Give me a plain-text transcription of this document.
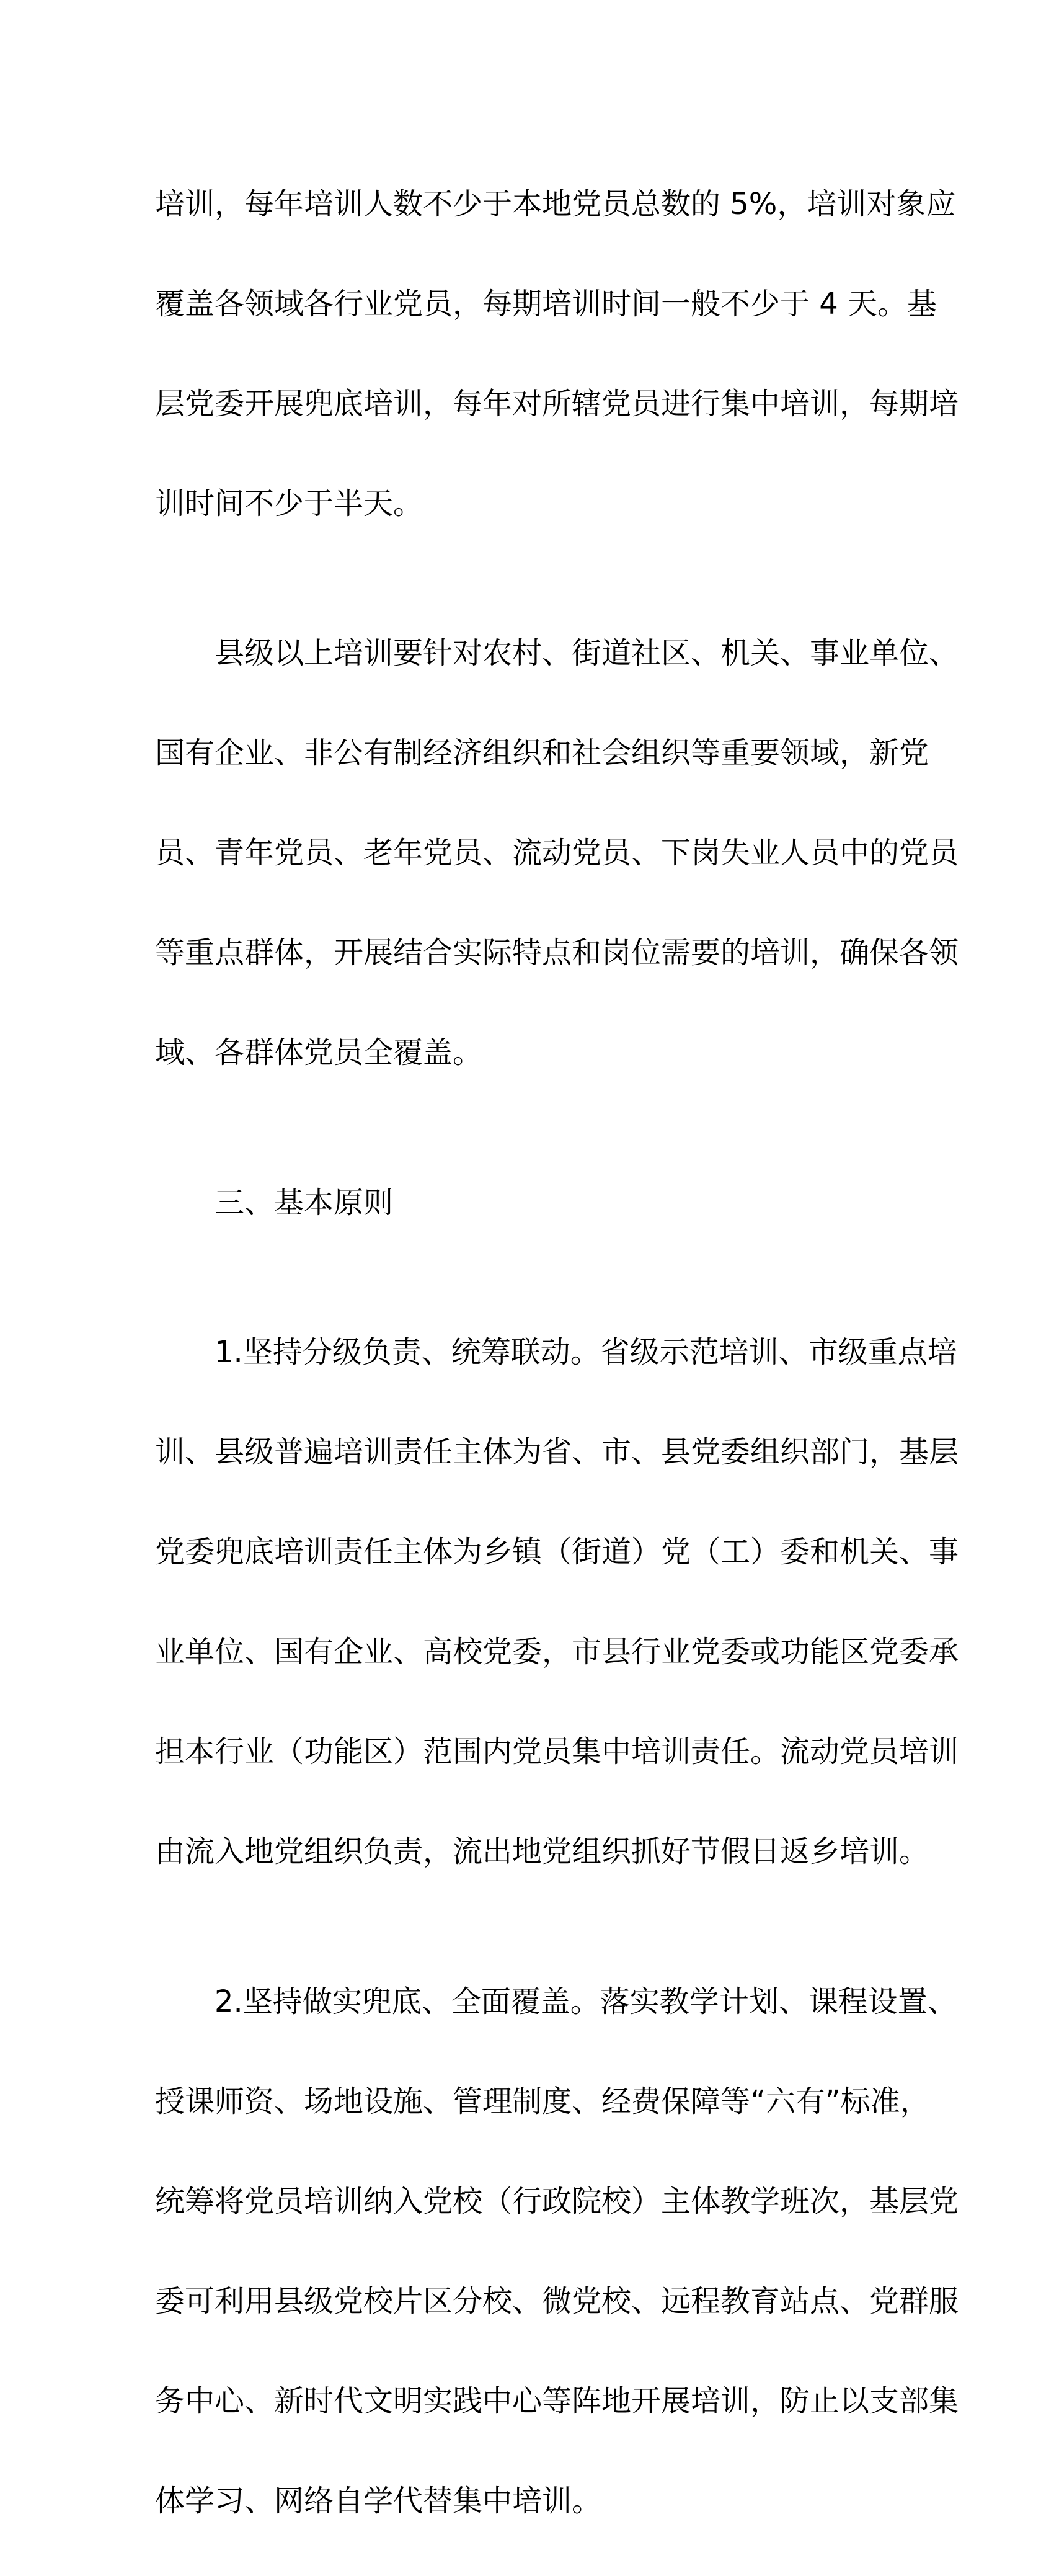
培训，每年培训人数不少于本地党员总数的 5%，培训对象应

覆盖各领域各行业党员，每期培训时间一般不少于 4 天。基

层党委开展兜底培训，每年对所辖党员进行集中培训，每期培

训时间不少于半天。

县级以上培训要针对农村、街道社区、机关、事业单位、

国有企业、非公有制经济组织和社会组织等重要领域，新党

员、青年党员、老年党员、流动党员、下岗失业人员中的党员

等重点群体，开展结合实际特点和岗位需要的培训，确保各领

域、各群体党员全覆盖。

三、基本原则

1.坚持分级负责、统筹联动。省级示范培训、市级重点培

训、县级普遍培训责任主体为省、市、县党委组织部门，基层

党委兜底培训责任主体为乡镇（街道）党（工）委和机关、事

业单位、国有企业、高校党委，市县行业党委或功能区党委承

担本行业（功能区）范围内党员集中培训责任。流动党员培训

由流入地党组织负责，流出地党组织抓好节假日返乡培训。

2.坚持做实兜底、全面覆盖。落实教学计划、课程设置、

授课师资、场地设施、管理制度、经费保障等“六有”标准，

统筹将党员培训纳入党校（行政院校）主体教学班次，基层党

委可利用县级党校片区分校、微党校、远程教育站点、党群服

务中心、新时代文明实践中心等阵地开展培训，防止以支部集

体学习、网络自学代替集中培训。
